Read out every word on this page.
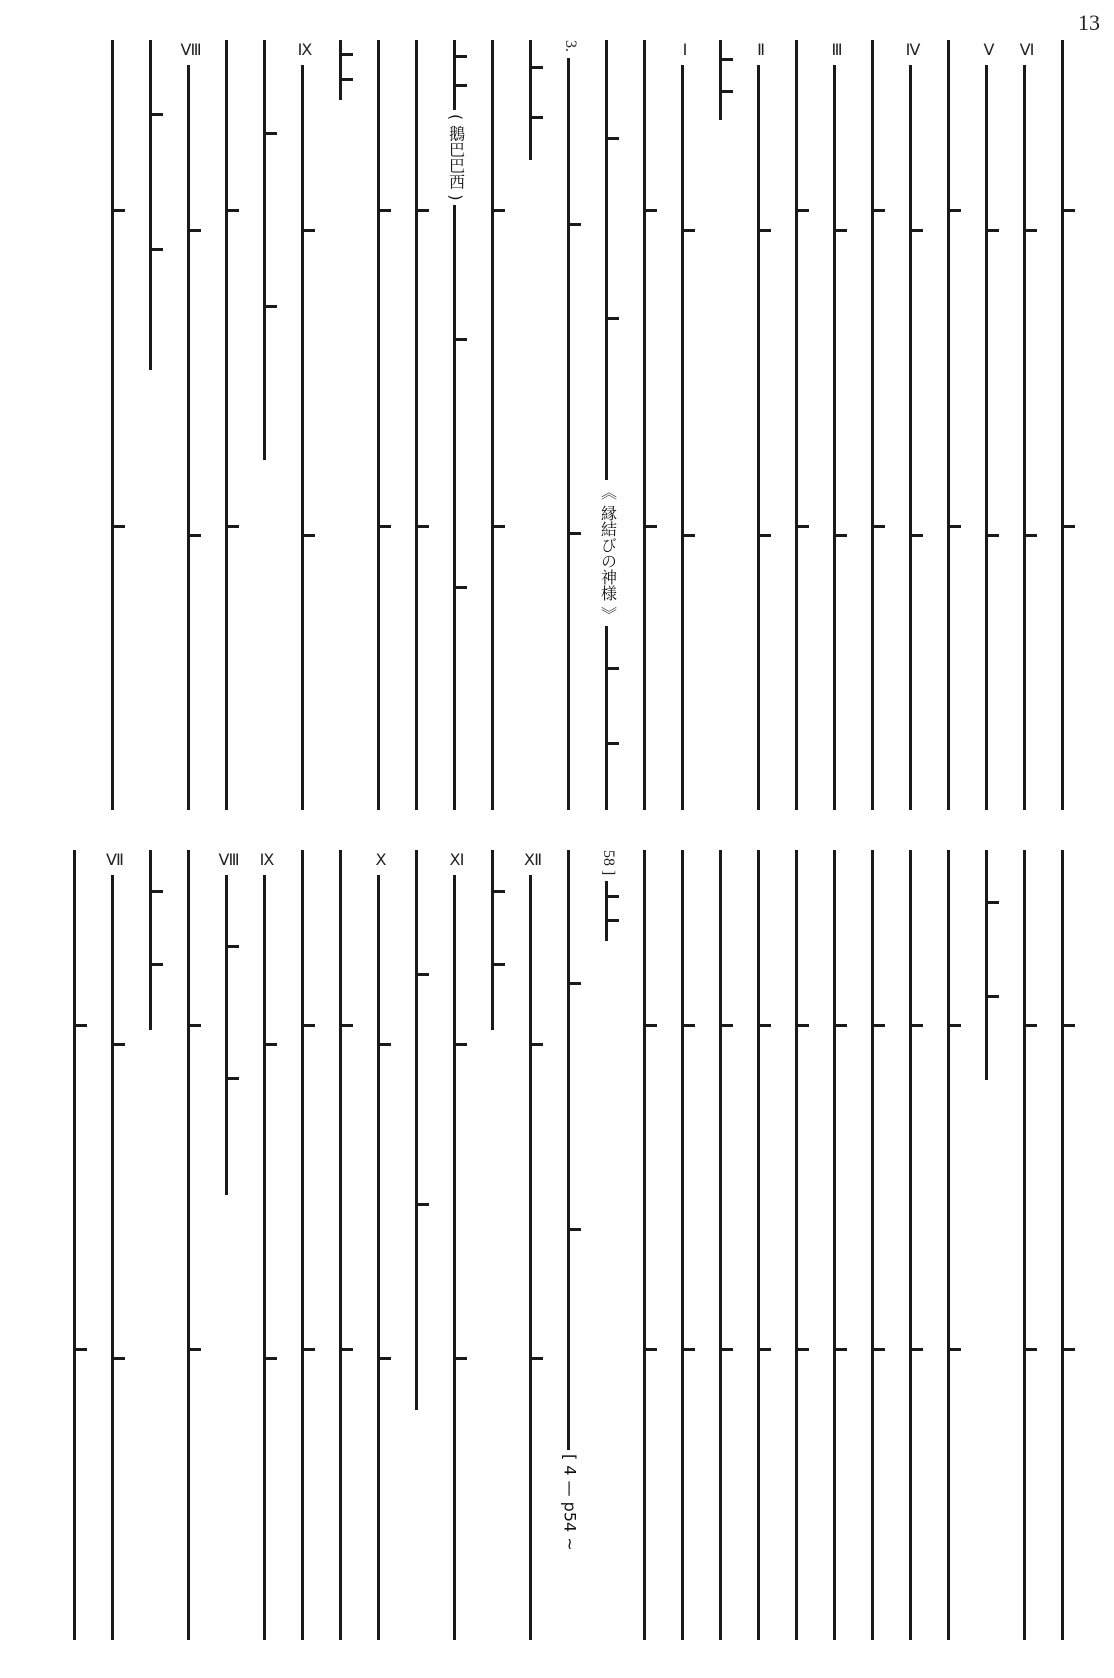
13
Ⅵ
Ⅴ
Ⅳ
Ⅲ
Ⅱ
Ⅰ
《 縁結びの神様 》
3.
( 鵝巴巴西 )
Ⅸ
Ⅷ
58 ]
[ 4 — p54 ~
Ⅻ
Ⅺ
Ⅹ
Ⅸ
Ⅷ
Ⅶ
